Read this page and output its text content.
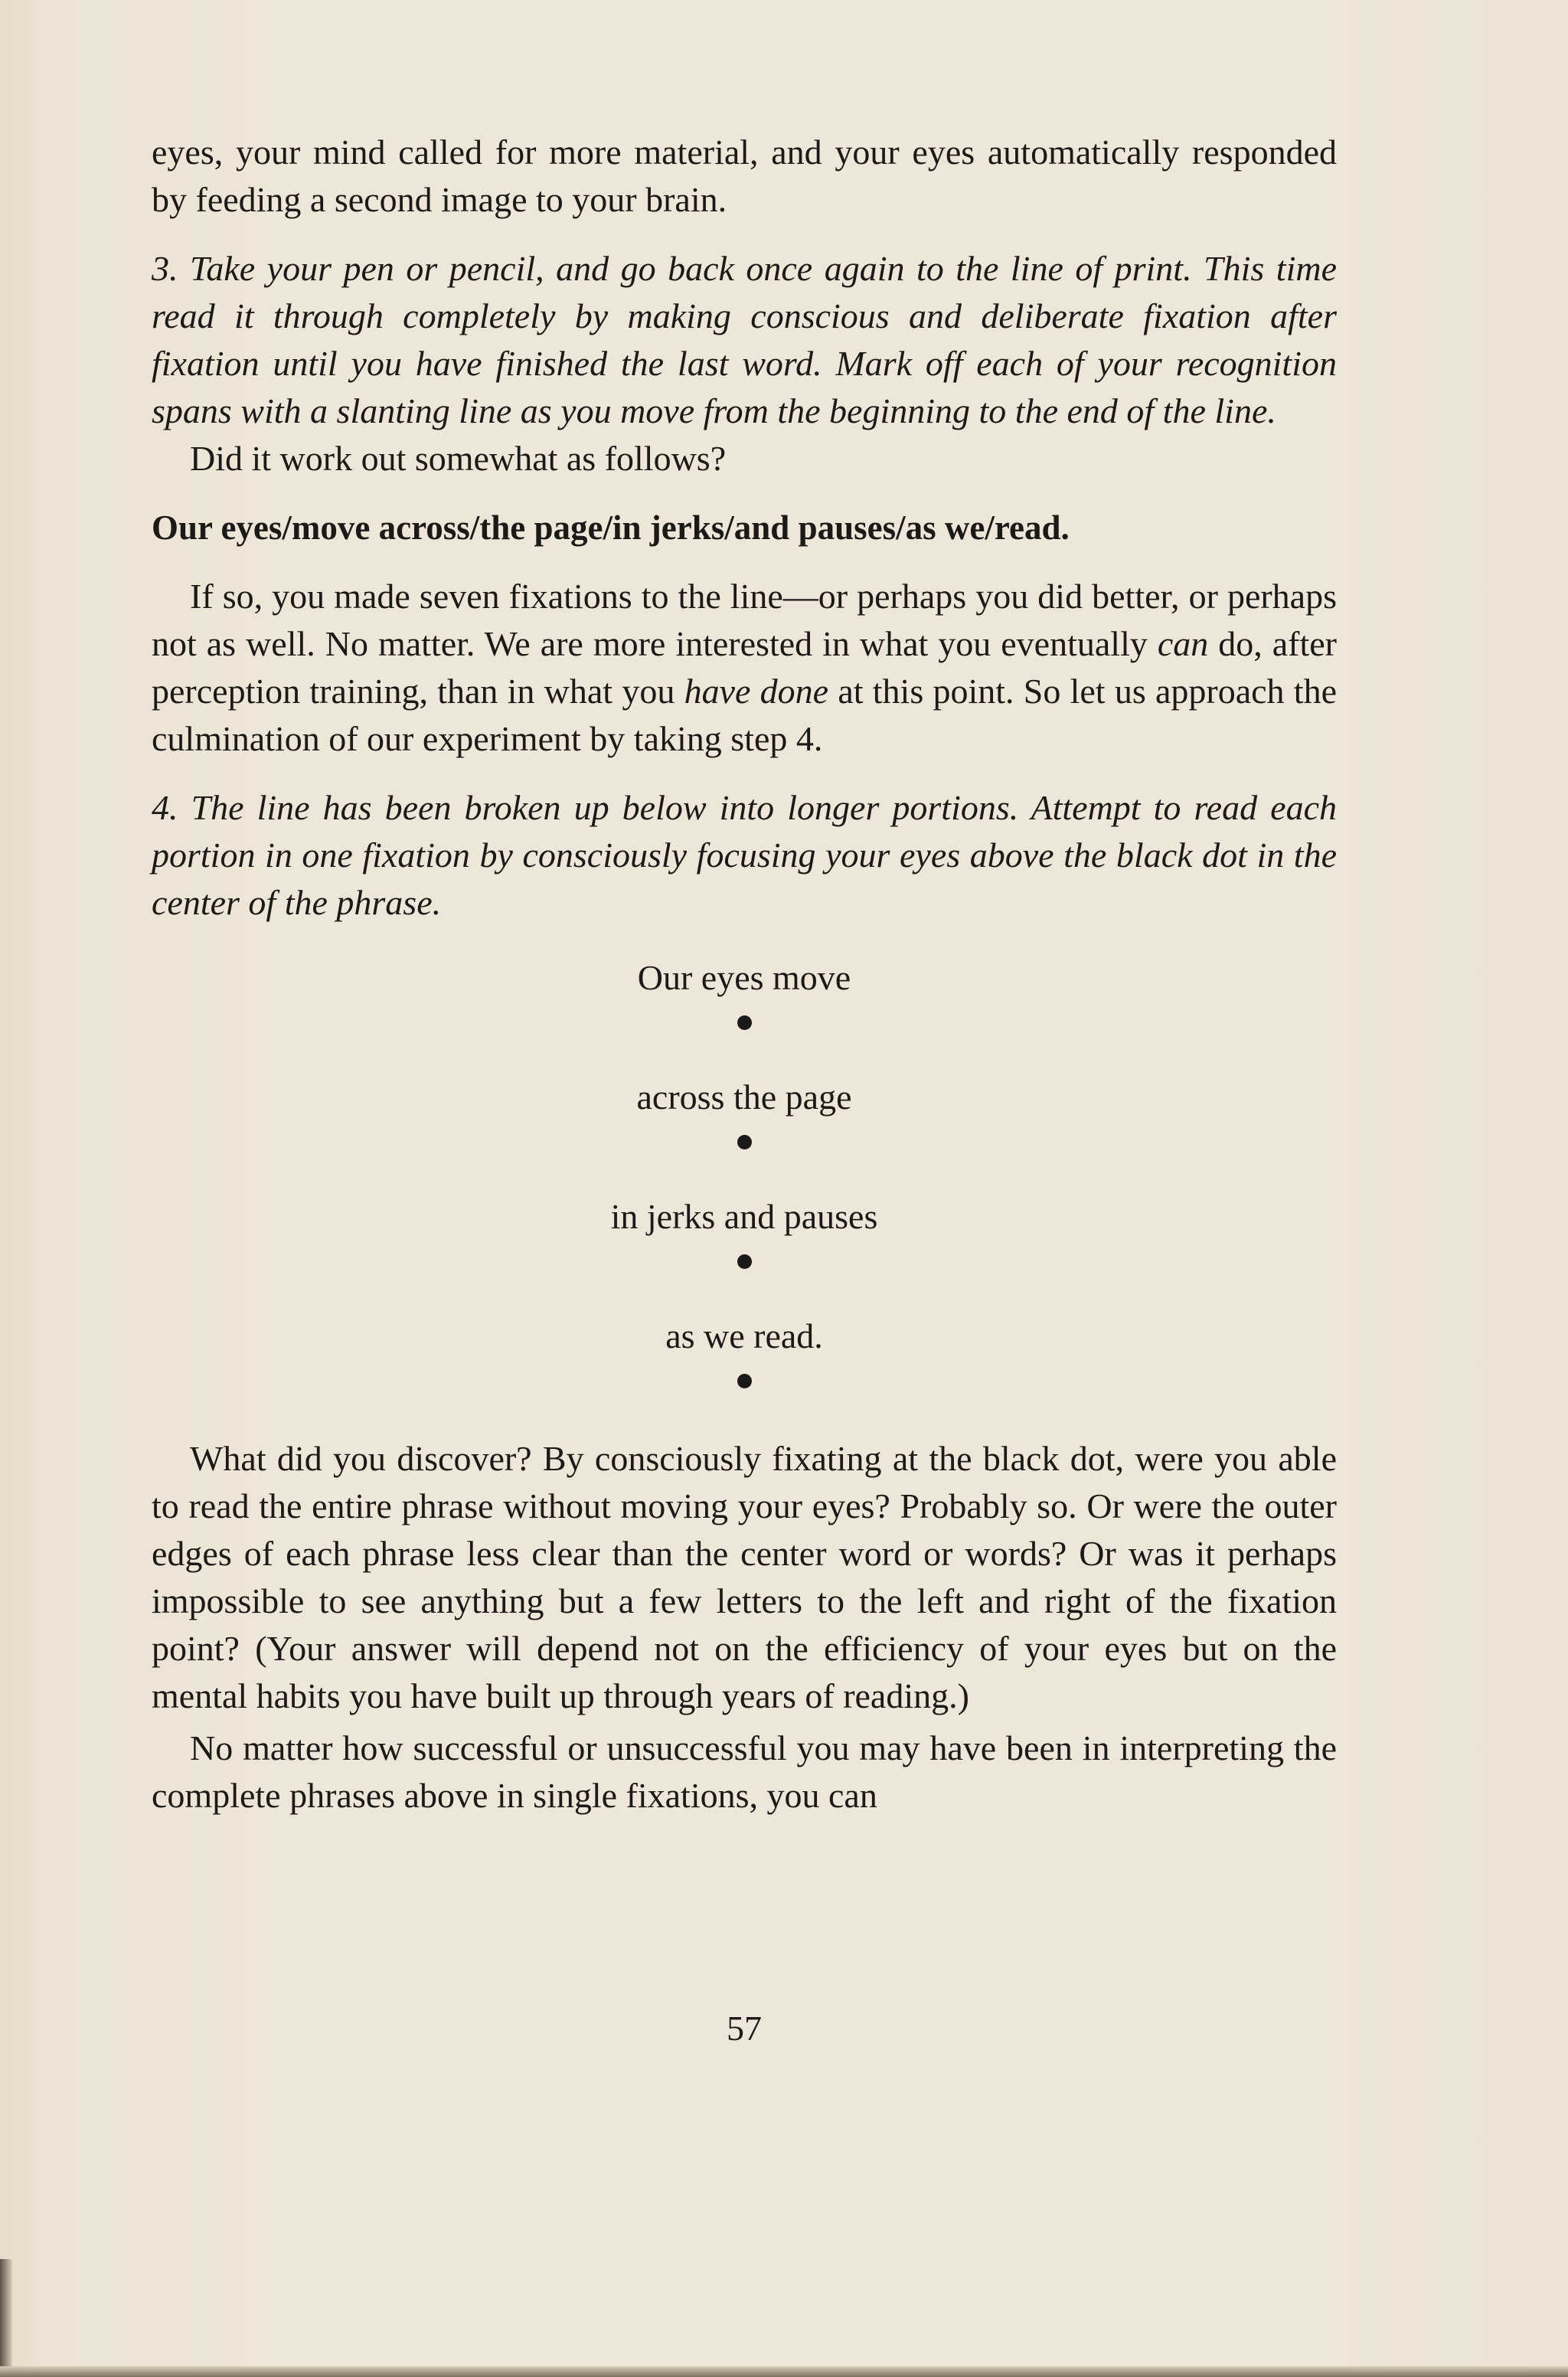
eyes, your mind called for more material, and your eyes automatically responded by feeding a second image to your brain.

3. Take your pen or pencil, and go back once again to the line of print. This time read it through completely by making conscious and deliberate fixation after fixation until you have finished the last word. Mark off each of your recognition spans with a slanting line as you move from the beginning to the end of the line.

Did it work out somewhat as follows?

Our eyes/move across/the page/in jerks/and pauses/as we/read.

If so, you made seven fixations to the line—or perhaps you did better, or perhaps not as well. No matter. We are more interested in what you eventually can do, after perception training, than in what you have done at this point. So let us approach the culmination of our experiment by taking step 4.

4. The line has been broken up below into longer portions. Attempt to read each portion in one fixation by consciously focusing your eyes above the black dot in the center of the phrase.

Our eyes move
across the page
in jerks and pauses
as we read.

What did you discover? By consciously fixating at the black dot, were you able to read the entire phrase without moving your eyes? Probably so. Or were the outer edges of each phrase less clear than the center word or words? Or was it perhaps impossible to see anything but a few letters to the left and right of the fixation point? (Your answer will depend not on the efficiency of your eyes but on the mental habits you have built up through years of reading.)

No matter how successful or unsuccessful you may have been in interpreting the complete phrases above in single fixations, you can

57
